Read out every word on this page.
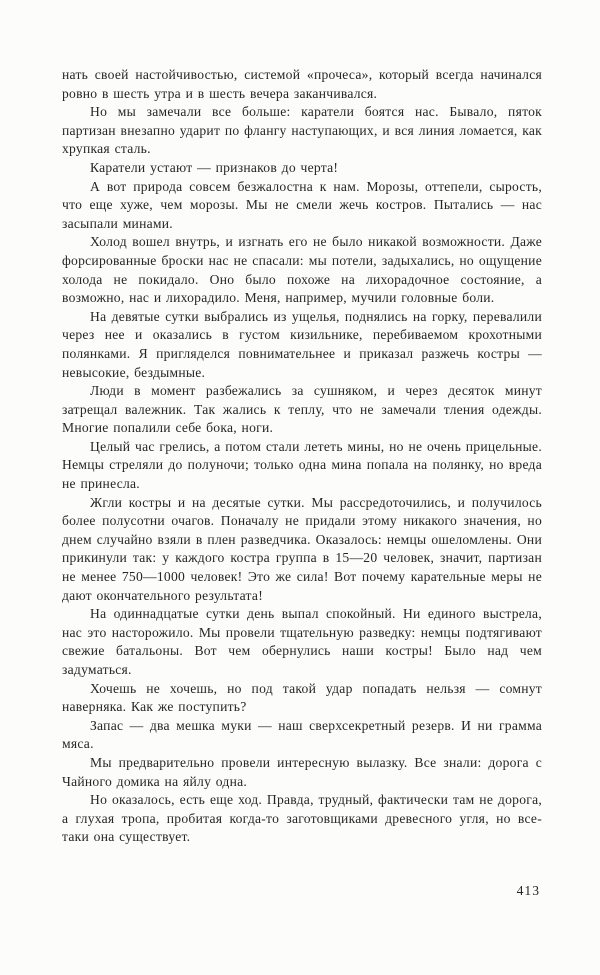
нать своей настойчивостью, системой «прочеса», который всегда начинался ровно в шесть утра и в шесть вечера заканчивался.

Но мы замечали все больше: каратели боятся нас. Бывало, пяток партизан внезапно ударит по флангу наступающих, и вся линия ломается, как хрупкая сталь.

Каратели устают — признаков до черта!

А вот природа совсем безжалостна к нам. Морозы, оттепели, сырость, что еще хуже, чем морозы. Мы не смели жечь костров. Пытались — нас засыпали минами.

Холод вошел внутрь, и изгнать его не было никакой возможности. Даже форсированные броски нас не спасали: мы потели, задыхались, но ощущение холода не покидало. Оно было похоже на лихорадочное состояние, а возможно, нас и лихорадило. Меня, например, мучили головные боли.

На девятые сутки выбрались из ущелья, поднялись на горку, перевалили через нее и оказались в густом кизильнике, перебиваемом крохотными полянками. Я пригляделся повнимательнее и приказал разжечь костры — невысокие, бездымные.

Люди в момент разбежались за сушняком, и через десяток минут затрещал валежник. Так жались к теплу, что не замечали тления одежды. Многие попалили себе бока, ноги.

Целый час грелись, а потом стали лететь мины, но не очень прицельные. Немцы стреляли до полуночи; только одна мина попала на полянку, но вреда не принесла.

Жгли костры и на десятые сутки. Мы рассредоточились, и получилось более полусотни очагов. Поначалу не придали этому никакого значения, но днем случайно взяли в плен разведчика. Оказалось: немцы ошеломлены. Они прикинули так: у каждого костра группа в 15—20 человек, значит, партизан не менее 750—1000 человек! Это же сила! Вот почему карательные меры не дают окончательного результата!

На одиннадцатые сутки день выпал спокойный. Ни единого выстрела, нас это насторожило. Мы провели тщательную разведку: немцы подтягивают свежие батальоны. Вот чем обернулись наши костры! Было над чем задуматься.

Хочешь не хочешь, но под такой удар попадать нельзя — сомнут наверняка. Как же поступить?

Запас — два мешка муки — наш сверхсекретный резерв. И ни грамма мяса.

Мы предварительно провели интересную вылазку. Все знали: дорога с Чайного домика на яйлу одна.

Но оказалось, есть еще ход. Правда, трудный, фактически там не дорога, а глухая тропа, пробитая когда-то заготовщиками древесного угля, но все-таки она существует.

413
